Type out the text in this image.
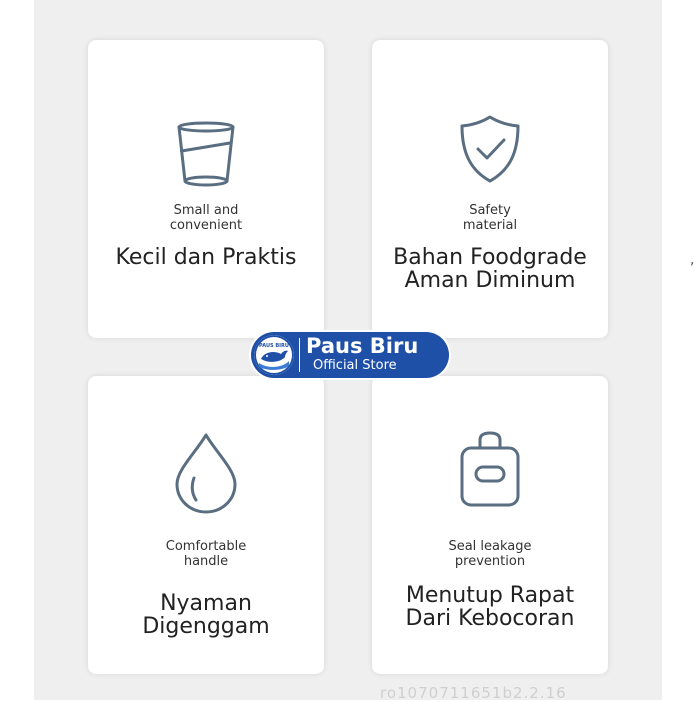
Small and
convenient
Kecil dan Praktis
Safety
material
Bahan Foodgrade
Aman Diminum
Comfortable
handle
Nyaman
Digenggam
Seal leakage
prevention
Menutup Rapat
Dari Kebocoran
PAUS BIRU Paus Biru
Official Store
ro1070711651b2.2.16
,
